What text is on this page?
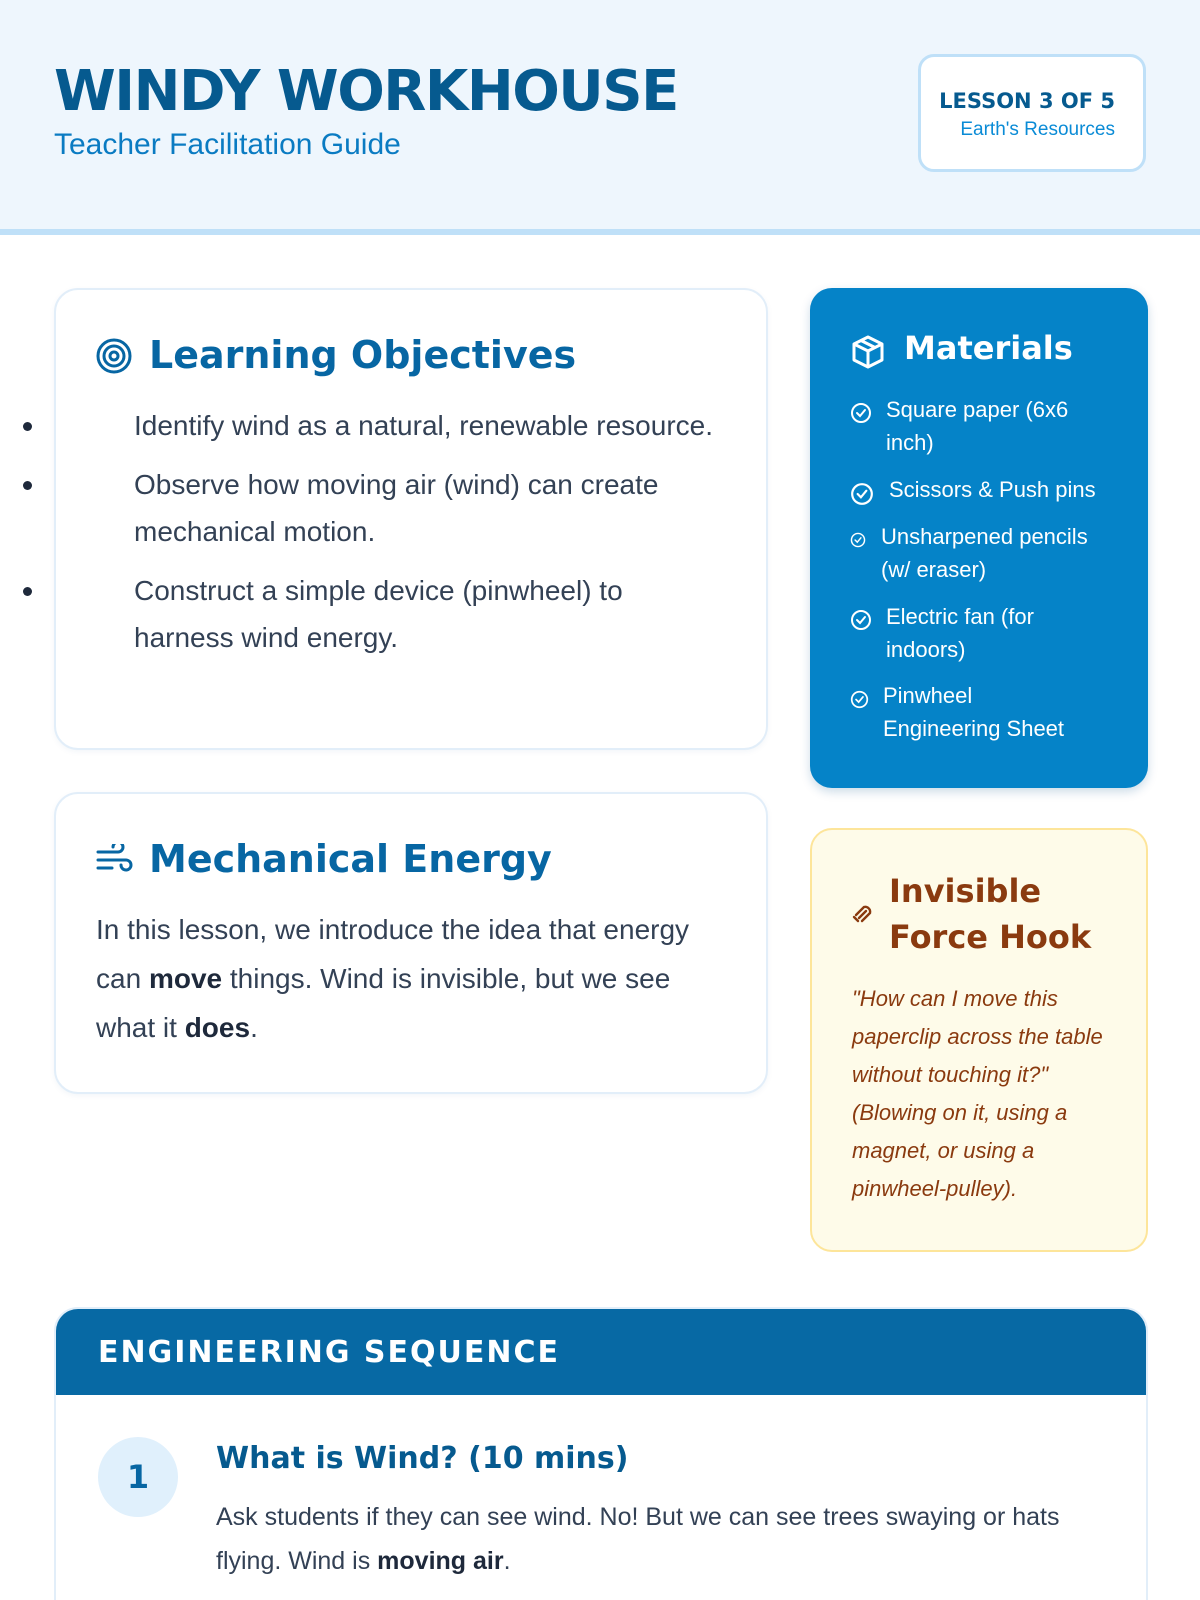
WINDY WORKHOUSE
Teacher Facilitation Guide
LESSON 3 OF 5
Earth's Resources
Learning Objectives
Identify wind as a natural, renewable resource.
Observe how moving air (wind) can create mechanical motion.
Construct a simple device (pinwheel) to harness wind energy.
Mechanical Energy
In this lesson, we introduce the idea that energy can move things. Wind is invisible, but we see what it does.
Materials
Square paper (6x6 inch)
Scissors & Push pins
Unsharpened pencils (w/ eraser)
Electric fan (for indoors)
Pinwheel Engineering Sheet
Invisible Force Hook
"How can I move this paperclip across the table without touching it?" (Blowing on it, using a magnet, or using a pinwheel-pulley).
ENGINEERING SEQUENCE
1	What is Wind? (10 mins)
Ask students if they can see wind. No! But we can see trees swaying or hats flying. Wind is moving air.
